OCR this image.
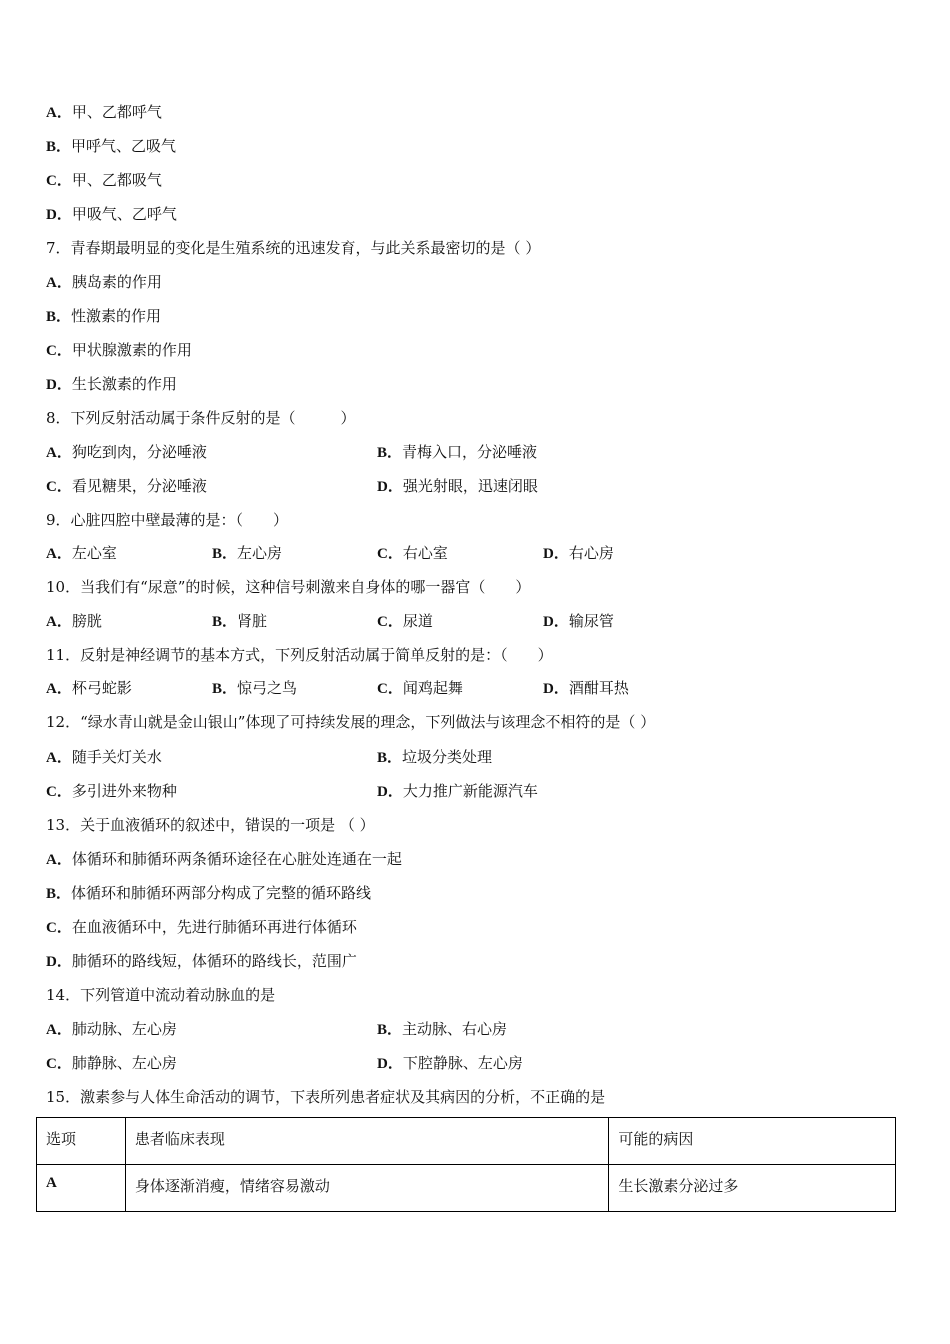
A．甲、乙都呼气
B．甲呼气、乙吸气
C．甲、乙都吸气
D．甲吸气、乙呼气
7．青春期最明显的变化是生殖系统的迅速发育，与此关系最密切的是（ ）
A．胰岛素的作用
B．性激素的作用
C．甲状腺激素的作用
D．生长激素的作用
8．下列反射活动属于条件反射的是（　　　）
A．狗吃到肉，分泌唾液	B．青梅入口，分泌唾液
C．看见糖果，分泌唾液	D．强光射眼，迅速闭眼
9．心脏四腔中壁最薄的是：（　　）
A．左心室	B．左心房	C．右心室	D．右心房
10．当我们有“尿意”的时候，这种信号刺激来自身体的哪一器官（　　）
A．膀胱	B．肾脏	C．尿道	D．输尿管
11．反射是神经调节的基本方式，下列反射活动属于简单反射的是：（　　）
A．杯弓蛇影	B．惊弓之鸟	C．闻鸡起舞	D．酒酣耳热
12．“绿水青山就是金山银山”体现了可持续发展的理念，下列做法与该理念不相符的是（ ）
A．随手关灯关水	B．垃圾分类处理
C．多引进外来物种	D．大力推广新能源汽车
13．关于血液循环的叙述中，错误的一项是 （ ）
A．体循环和肺循环两条循环途径在心脏处连通在一起
B．体循环和肺循环两部分构成了完整的循环路线
C．在血液循环中，先进行肺循环再进行体循环
D．肺循环的路线短，体循环的路线长，范围广
14．下列管道中流动着动脉血的是
A．肺动脉、左心房	B．主动脉、右心房
C．肺静脉、左心房	D．下腔静脉、左心房
15．激素参与人体生命活动的调节，下表所列患者症状及其病因的分析，不正确的是
选项	患者临床表现	可能的病因
A	身体逐渐消瘦，情绪容易激动	生长激素分泌过多
